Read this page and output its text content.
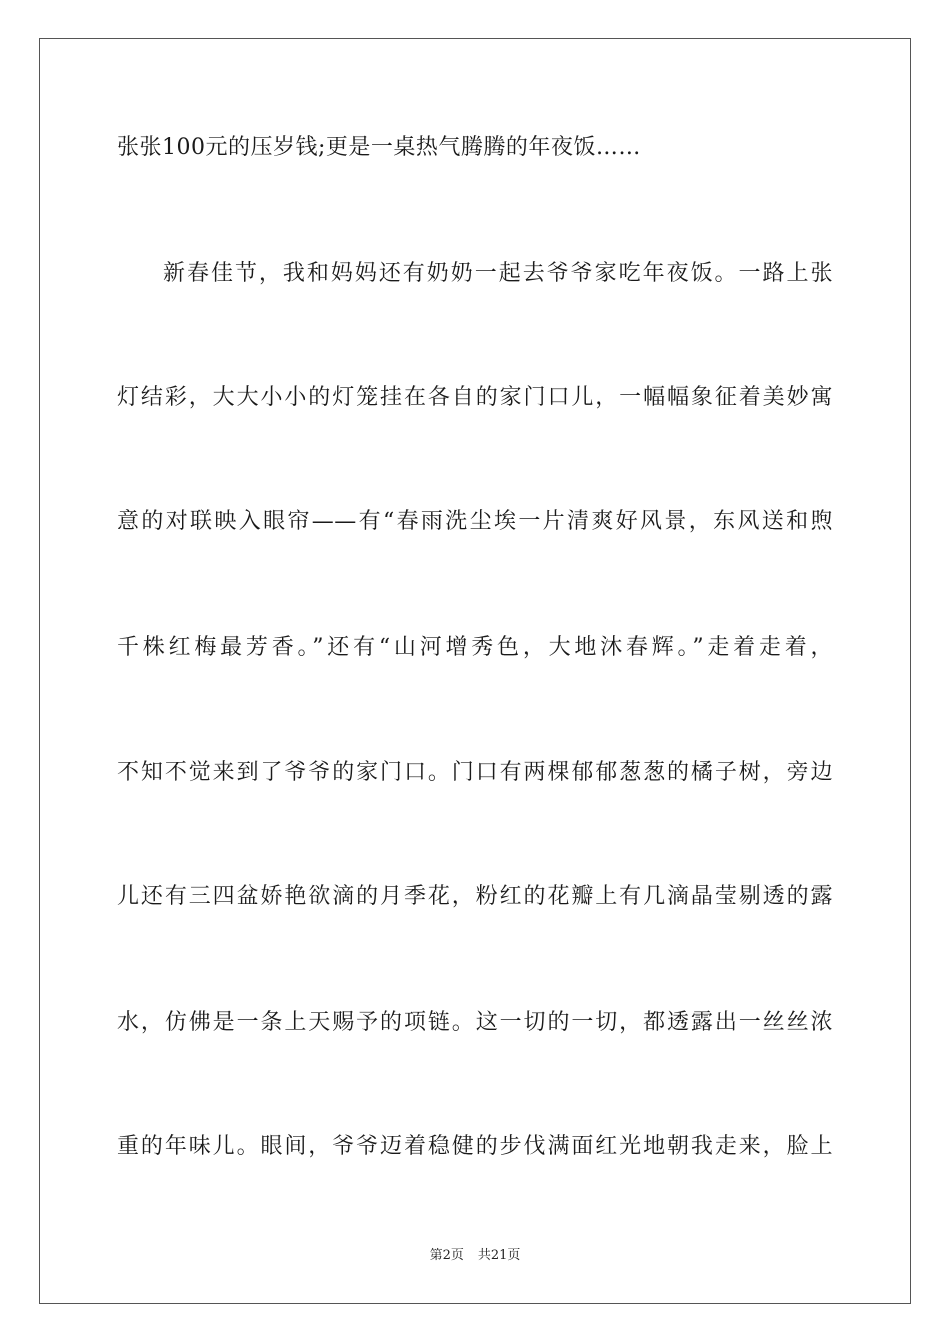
张张100元的压岁钱;更是一桌热气腾腾的年夜饭……
新春佳节，我和妈妈还有奶奶一起去爷爷家吃年夜饭。一路上张
灯结彩，大大小小的灯笼挂在各自的家门口儿，一幅幅象征着美妙寓
意的对联映入眼帘——有“春雨洗尘埃一片清爽好风景，东风送和煦
千株红梅最芳香。”还有“山河增秀色，大地沐春辉。”走着走着，
不知不觉来到了爷爷的家门口。门口有两棵郁郁葱葱的橘子树，旁边
儿还有三四盆娇艳欲滴的月季花，粉红的花瓣上有几滴晶莹剔透的露
水，仿佛是一条上天赐予的项链。这一切的一切，都透露出一丝丝浓
重的年味儿。眼间，爷爷迈着稳健的步伐满面红光地朝我走来，脸上
第2页 共21页
